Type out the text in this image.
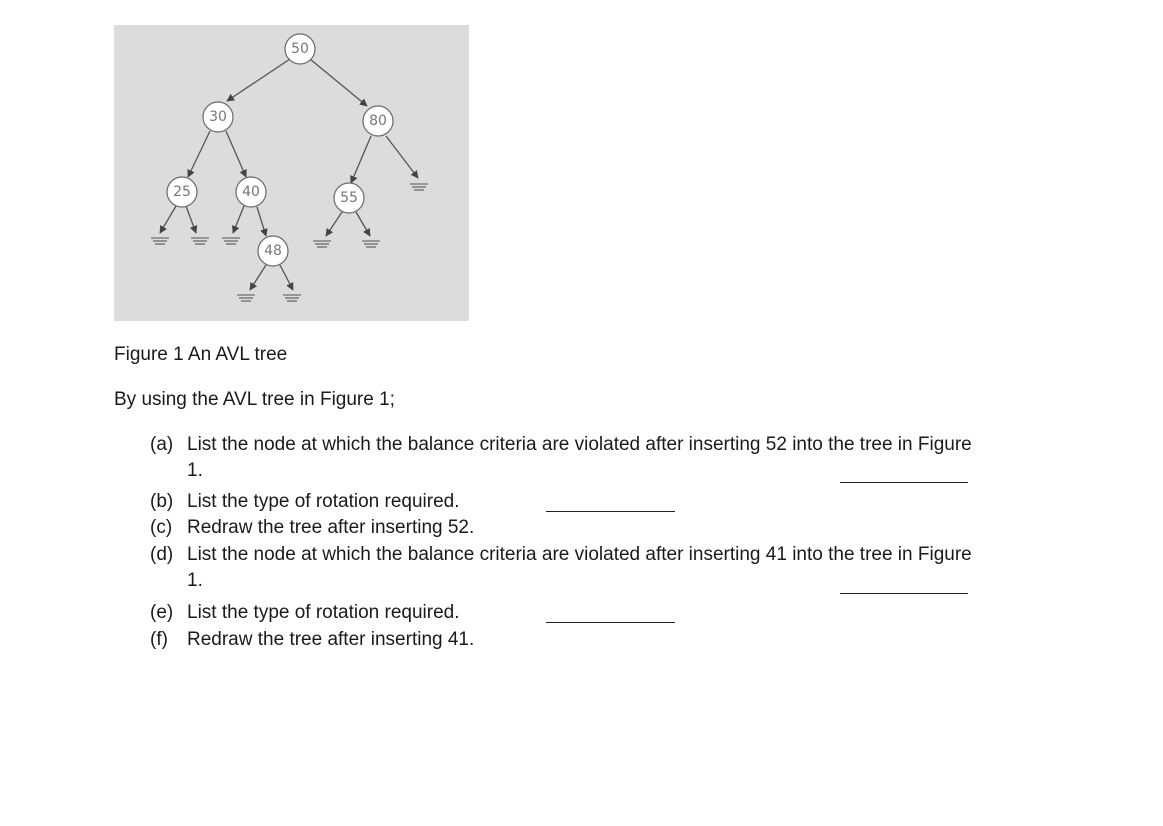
50
30	80
25	40	55
48
Figure 1 An AVL tree
By using the AVL tree in Figure 1;
(a) List the node at which the balance criteria are violated after inserting 52 into the tree in Figure
1.
(b) List the type of rotation required.
(c) Redraw the tree after inserting 52.
(d) List the node at which the balance criteria are violated after inserting 41 into the tree in Figure
1.
(e) List the type of rotation required.
(f) Redraw the tree after inserting 41.
